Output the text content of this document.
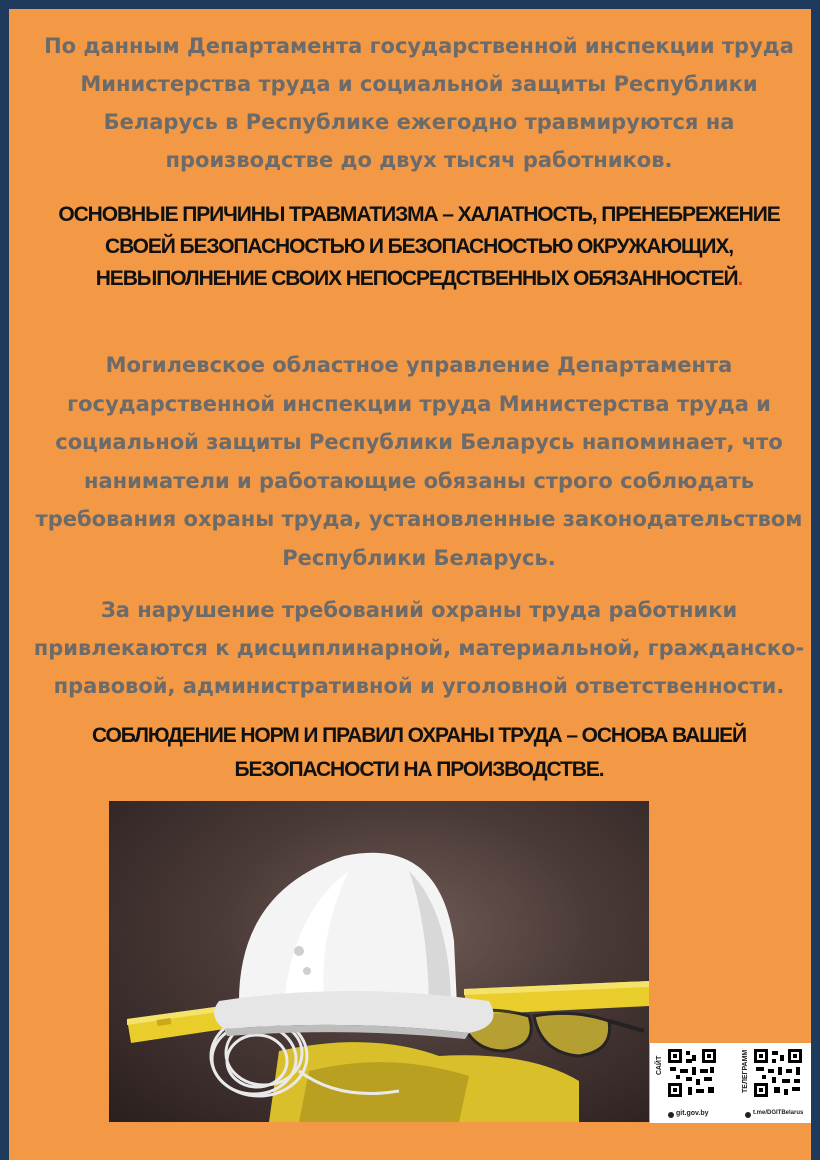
По данным Департамента государственной инспекции труда Министерства труда и социальной защиты Республики Беларусь в Республике ежегодно травмируются на производстве до двух тысяч работников.

ОСНОВНЫЕ ПРИЧИНЫ ТРАВМАТИЗМА – ХАЛАТНОСТЬ, ПРЕНЕБРЕЖЕНИЕ СВОЕЙ БЕЗОПАСНОСТЬЮ И БЕЗОПАСНОСТЬЮ ОКРУЖАЮЩИХ, НЕВЫПОЛНЕНИЕ СВОИХ НЕПОСРЕДСТВЕННЫХ ОБЯЗАННОСТЕЙ.

Могилевское областное управление Департамента государственной инспекции труда Министерства труда и социальной защиты Республики Беларусь напоминает, что наниматели и работающие обязаны строго соблюдать требования охраны труда, установленные законодательством Республики Беларусь.

За нарушение требований охраны труда работники привлекаются к дисциплинарной, материальной, гражданско-правовой, административной и уголовной ответственности.

СОБЛЮДЕНИЕ НОРМ И ПРАВИЛ ОХРАНЫ ТРУДА – ОСНОВА ВАШЕЙ БЕЗОПАСНОСТИ НА ПРОИЗВОДСТВЕ.

САЙТ	ТЕЛЕГРАММ
git.gov.by	t.me/DGITBelarus
